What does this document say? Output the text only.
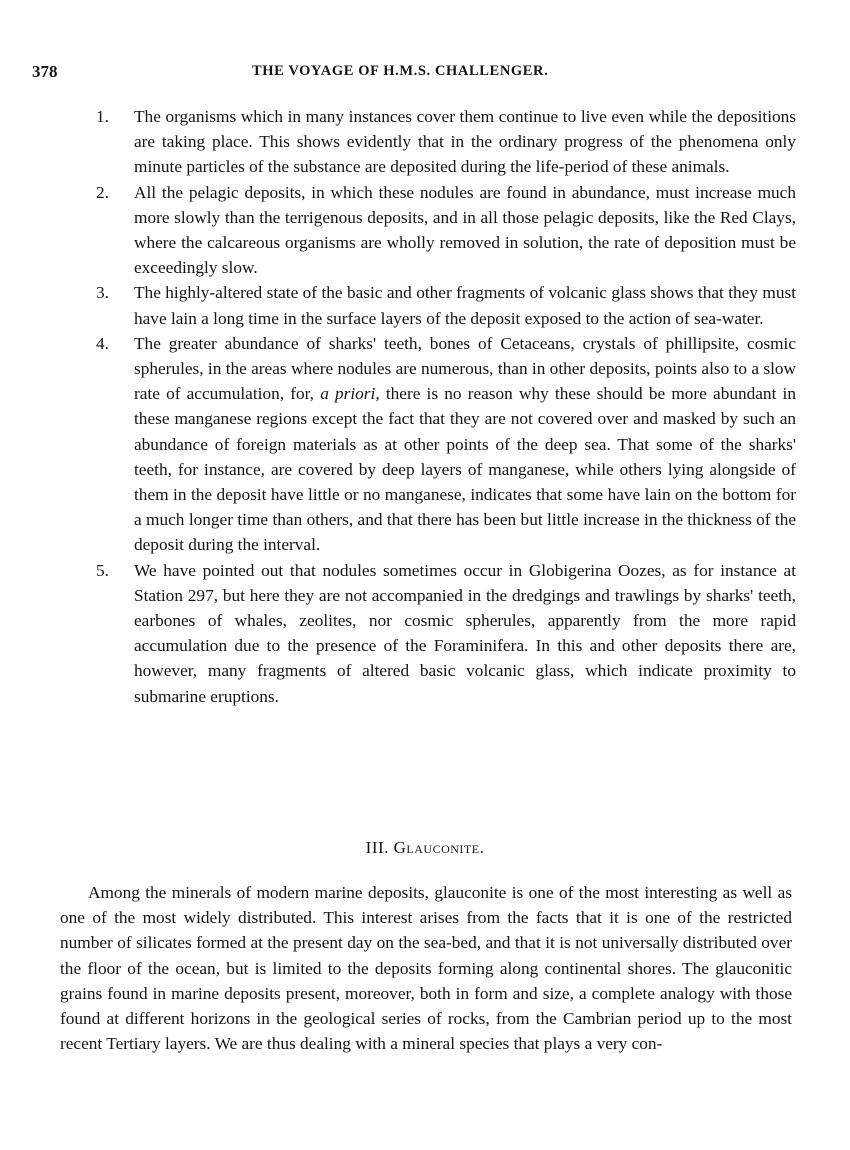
378	THE VOYAGE OF H.M.S. CHALLENGER.
1. The organisms which in many instances cover them continue to live even while the depositions are taking place. This shows evidently that in the ordinary progress of the phenomena only minute particles of the substance are deposited during the life-period of these animals.
2. All the pelagic deposits, in which these nodules are found in abundance, must increase much more slowly than the terrigenous deposits, and in all those pelagic deposits, like the Red Clays, where the calcareous organisms are wholly removed in solution, the rate of deposition must be exceedingly slow.
3. The highly-altered state of the basic and other fragments of volcanic glass shows that they must have lain a long time in the surface layers of the deposit exposed to the action of sea-water.
4. The greater abundance of sharks' teeth, bones of Cetaceans, crystals of phillipsite, cosmic spherules, in the areas where nodules are numerous, than in other deposits, points also to a slow rate of accumulation, for, a priori, there is no reason why these should be more abundant in these manganese regions except the fact that they are not covered over and masked by such an abundance of foreign materials as at other points of the deep sea. That some of the sharks' teeth, for instance, are covered by deep layers of manganese, while others lying alongside of them in the deposit have little or no manganese, indicates that some have lain on the bottom for a much longer time than others, and that there has been but little increase in the thickness of the deposit during the interval.
5. We have pointed out that nodules sometimes occur in Globigerina Oozes, as for instance at Station 297, but here they are not accompanied in the dredgings and trawlings by sharks' teeth, earbones of whales, zeolites, nor cosmic spherules, apparently from the more rapid accumulation due to the presence of the Foraminifera. In this and other deposits there are, however, many fragments of altered basic volcanic glass, which indicate proximity to submarine eruptions.
III. Glauconite.

Among the minerals of modern marine deposits, glauconite is one of the most interesting as well as one of the most widely distributed. This interest arises from the facts that it is one of the restricted number of silicates formed at the present day on the sea-bed, and that it is not universally distributed over the floor of the ocean, but is limited to the deposits forming along continental shores. The glauconitic grains found in marine deposits present, moreover, both in form and size, a complete analogy with those found at different horizons in the geological series of rocks, from the Cambrian period up to the most recent Tertiary layers. We are thus dealing with a mineral species that plays a very con-
